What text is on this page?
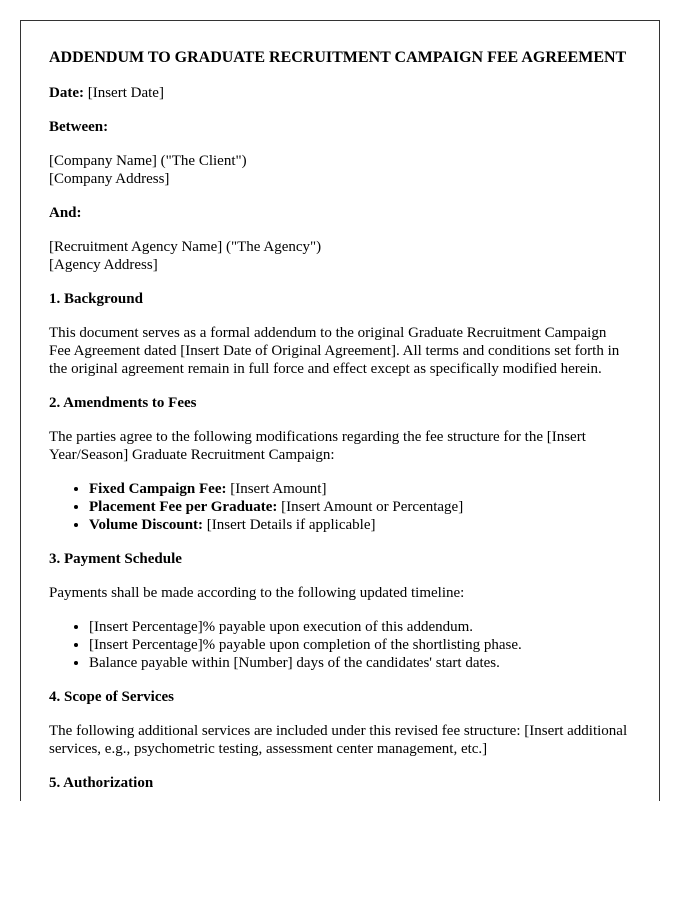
ADDENDUM TO GRADUATE RECRUITMENT CAMPAIGN FEE AGREEMENT

Date: [Insert Date]

Between:

[Company Name] ("The Client")
[Company Address]

And:

[Recruitment Agency Name] ("The Agency")
[Agency Address]

1. Background

This document serves as a formal addendum to the original Graduate Recruitment Campaign Fee Agreement dated [Insert Date of Original Agreement]. All terms and conditions set forth in the original agreement remain in full force and effect except as specifically modified herein.

2. Amendments to Fees

The parties agree to the following modifications regarding the fee structure for the [Insert Year/Season] Graduate Recruitment Campaign:

• Fixed Campaign Fee: [Insert Amount]
• Placement Fee per Graduate: [Insert Amount or Percentage]
• Volume Discount: [Insert Details if applicable]
3. Payment Schedule

Payments shall be made according to the following updated timeline:

• [Insert Percentage]% payable upon execution of this addendum.
• [Insert Percentage]% payable upon completion of the shortlisting phase.
• Balance payable within [Number] days of the candidates' start dates.
4. Scope of Services

The following additional services are included under this revised fee structure: [Insert additional services, e.g., psychometric testing, assessment center management, etc.]

5. Authorization
